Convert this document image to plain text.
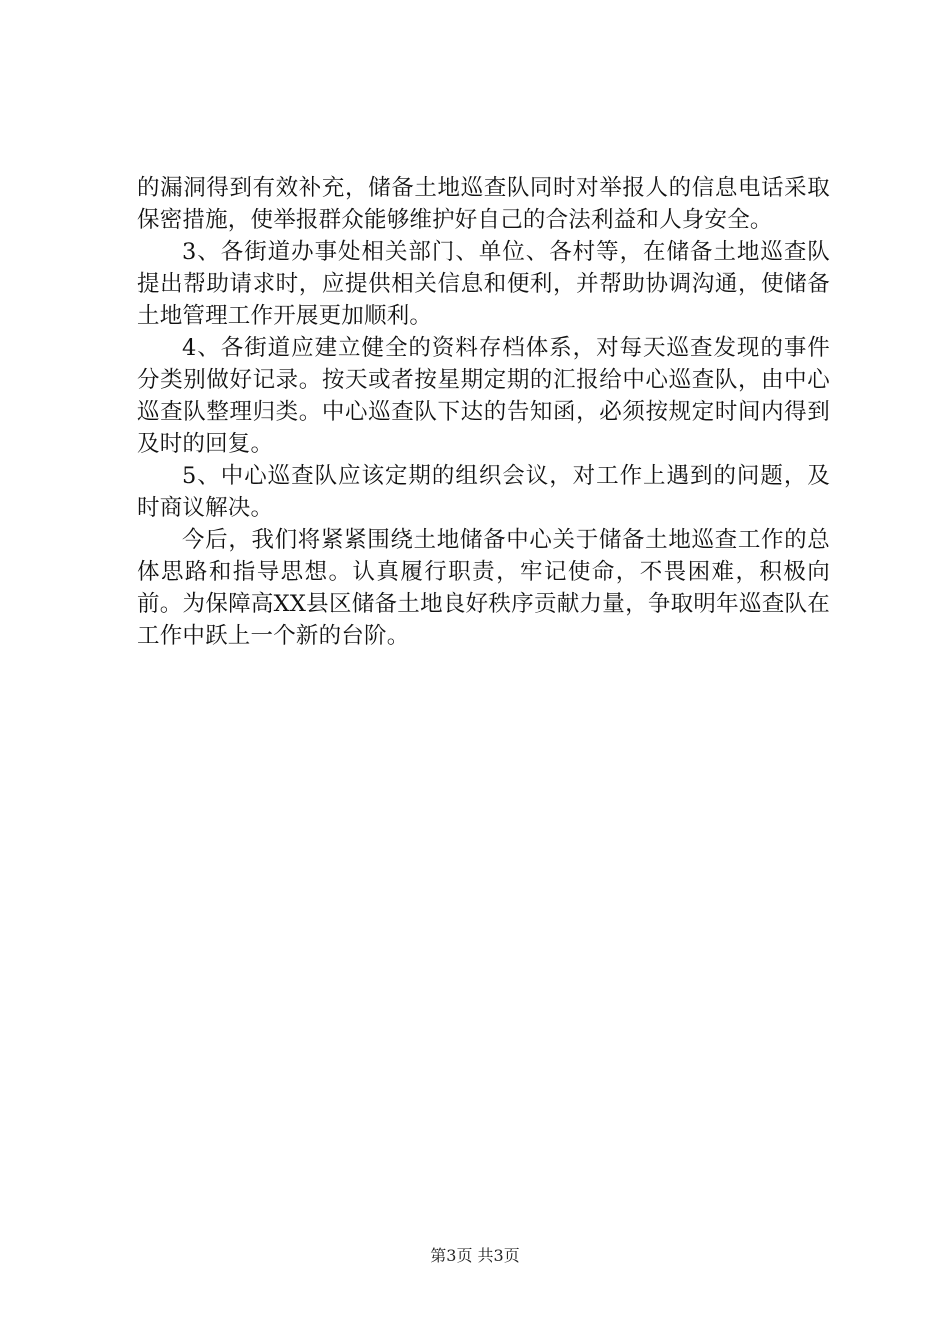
的漏洞得到有效补充，储备土地巡查队同时对举报人的信息电话采取保密措施，使举报群众能够维护好自己的合法利益和人身安全。

3、各街道办事处相关部门、单位、各村等，在储备土地巡查队提出帮助请求时，应提供相关信息和便利，并帮助协调沟通，使储备土地管理工作开展更加顺利。

4、各街道应建立健全的资料存档体系，对每天巡查发现的事件分类别做好记录。按天或者按星期定期的汇报给中心巡查队，由中心巡查队整理归类。中心巡查队下达的告知函，必须按规定时间内得到及时的回复。

5、中心巡查队应该定期的组织会议，对工作上遇到的问题，及时商议解决。

今后，我们将紧紧围绕土地储备中心关于储备土地巡查工作的总体思路和指导思想。认真履行职责，牢记使命，不畏困难，积极向前。为保障高XX县区储备土地良好秩序贡献力量，争取明年巡查队在工作中跃上一个新的台阶。

第3页 共3页
